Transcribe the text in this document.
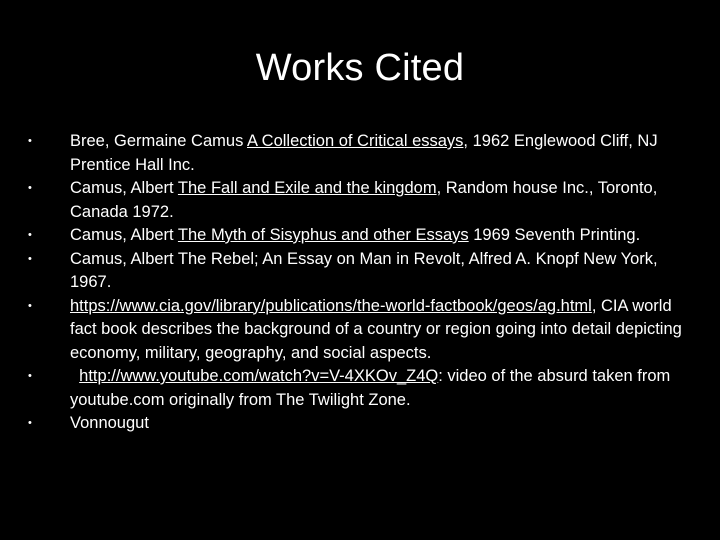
Works Cited
• Bree, Germaine Camus A Collection of Critical essays, 1962 Englewood Cliff, NJ Prentice Hall Inc.
• Camus, Albert The Fall and Exile and the kingdom, Random house Inc., Toronto, Canada 1972.
• Camus, Albert The Myth of Sisyphus and other Essays 1969 Seventh Printing.
• Camus, Albert The Rebel; An Essay on Man in Revolt, Alfred A. Knopf New York, 1967.
• https://www.cia.gov/library/publications/the-world-factbook/geos/ag.html, CIA world fact book describes the background of a country or region going into detail depicting economy, military, geography, and social aspects.
•	http://www.youtube.com/watch?v=V-4XKOv_Z4Q: video of the absurd taken from youtube.com originally from The Twilight Zone.
• Vonnougut
